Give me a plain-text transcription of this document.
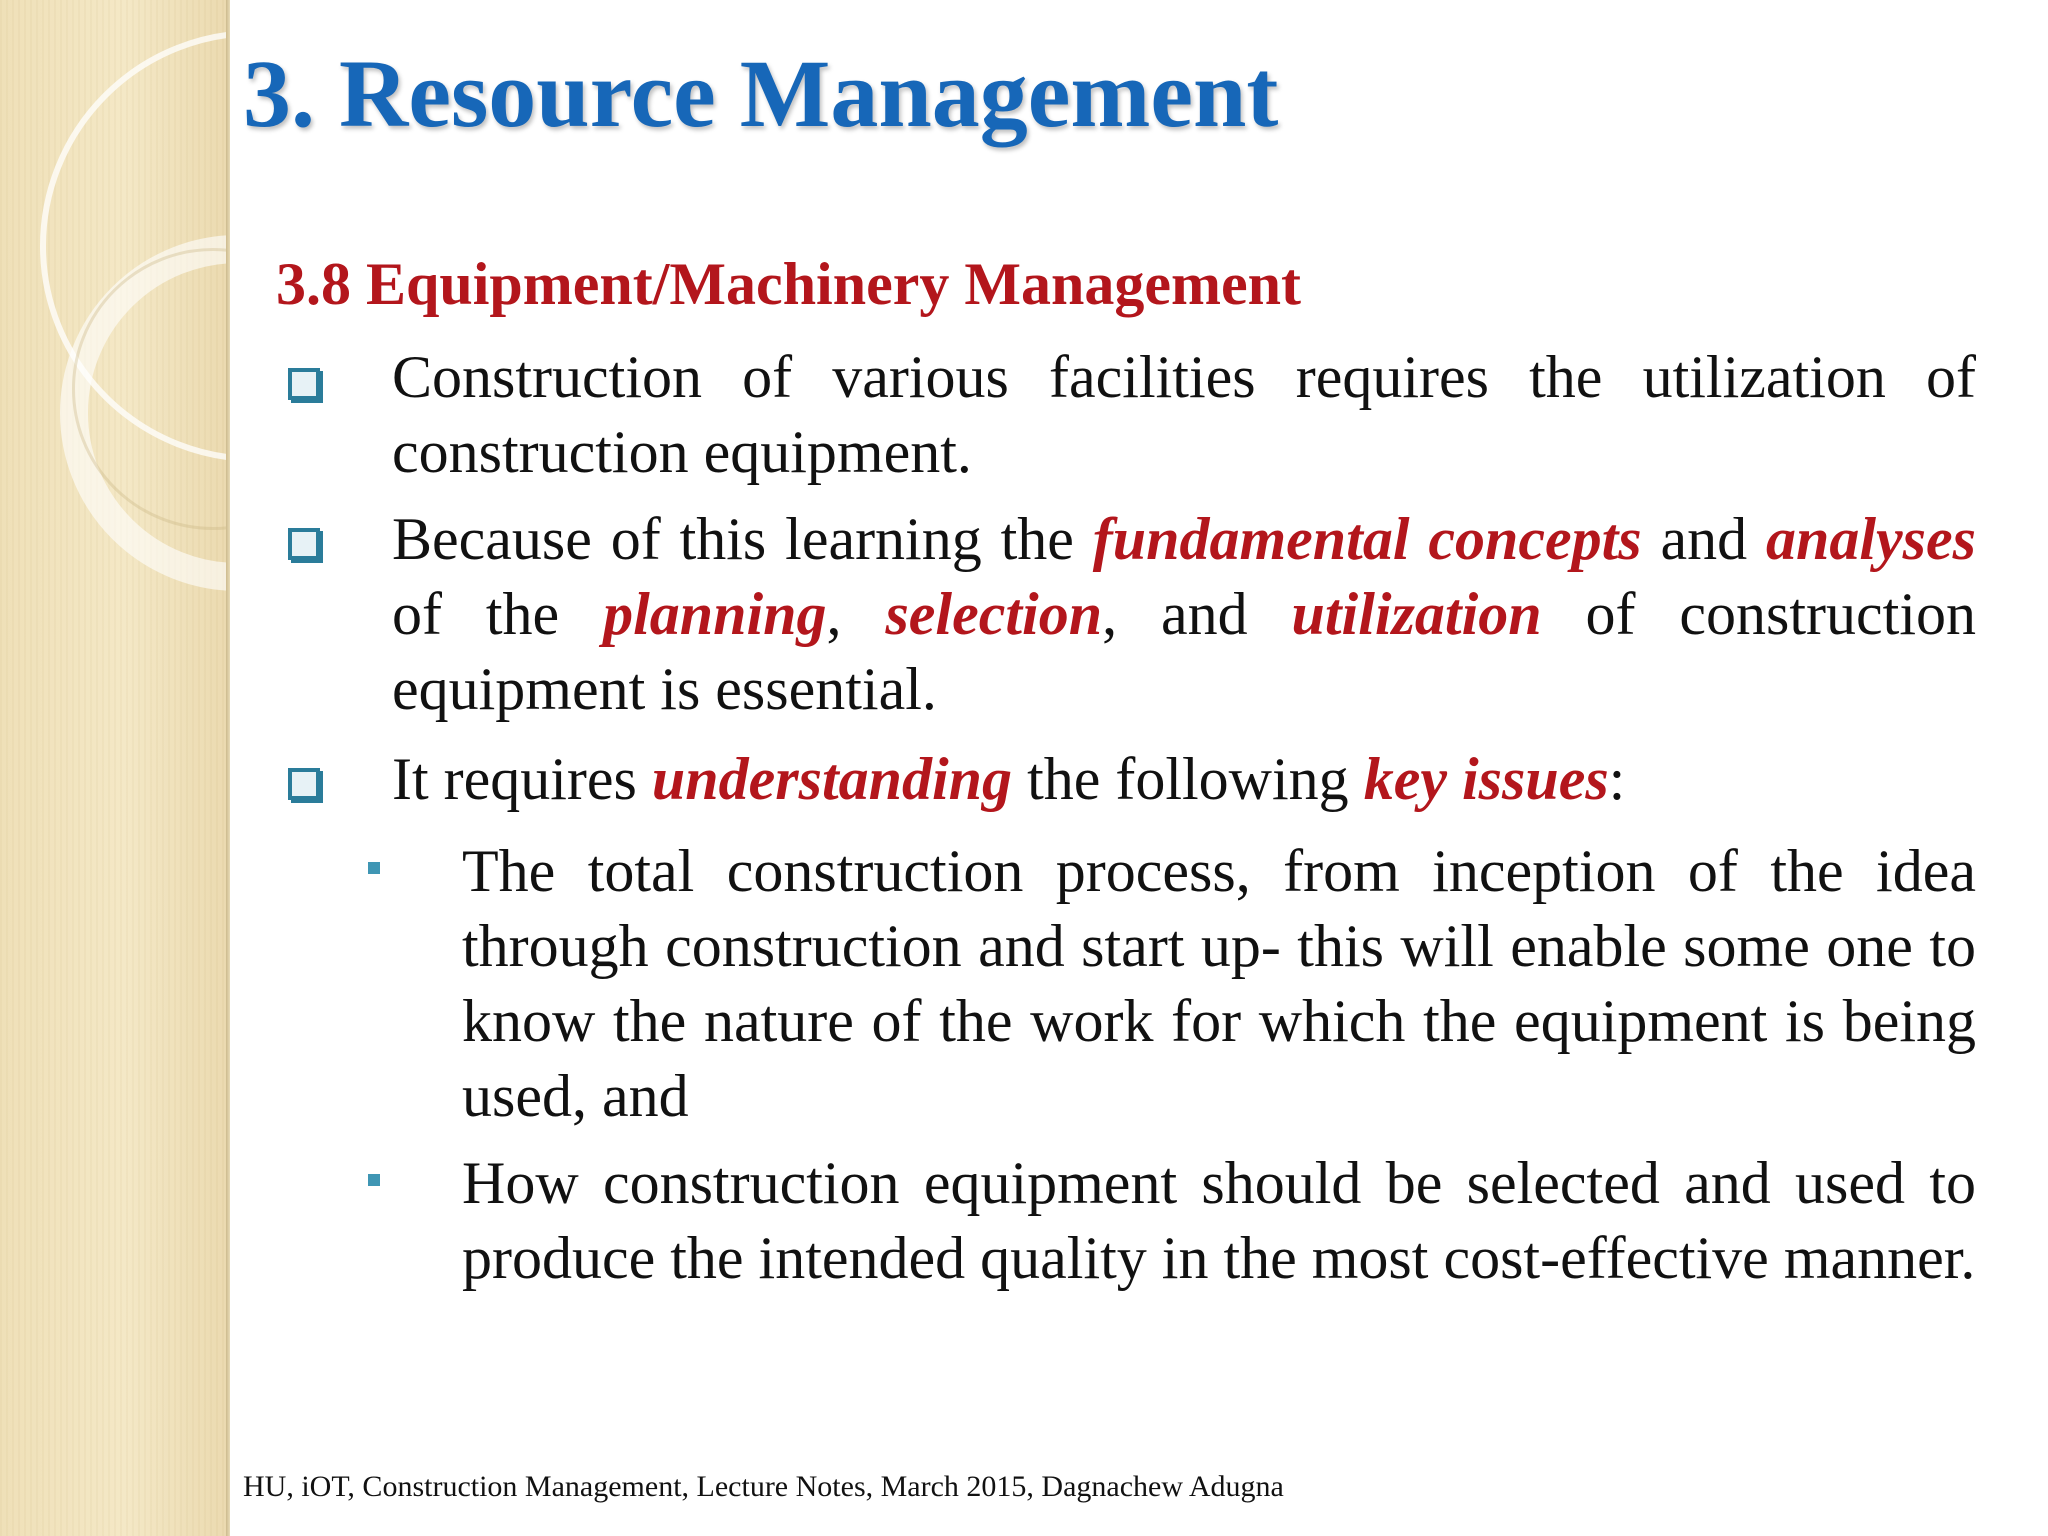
3. Resource Management
3.8 Equipment/Machinery Management
Construction of various facilities requires the utilization of construction equipment.
Because of this learning the fundamental concepts and analyses of the planning, selection, and utilization of construction equipment is essential.
It requires understanding the following key issues:
The total construction process, from inception of the idea through construction and start up- this will enable some one to know the nature of the work for which the equipment is being used, and
How construction equipment should be selected and used to produce the intended quality in the most cost-effective manner.

HU, iOT, Construction Management, Lecture Notes, March 2015, Dagnachew Adugna
